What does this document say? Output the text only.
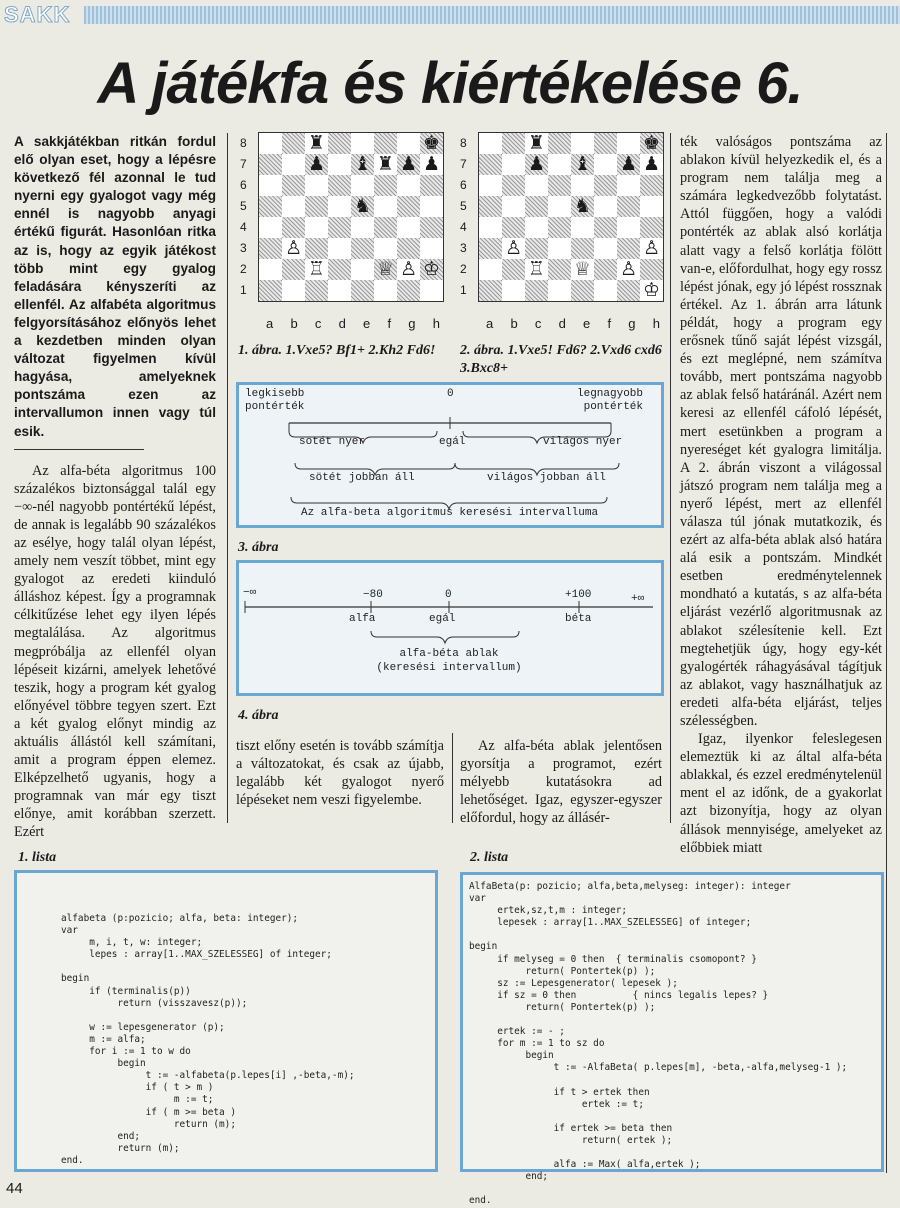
SAKK
A játékfa és kiértékelése 6.
A sakkjátékban ritkán fordul elő olyan eset, hogy a lépésre következő fél azonnal le tud nyerni egy gyalogot vagy még ennél is nagyobb anyagi értékű figurát. Hasonlóan ritka az is, hogy az egyik játékost több mint egy gyalog feladására kényszeríti az ellenfél. Az alfabéta algoritmus felgyorsításához előnyös lehet a kezdetben minden olyan változat figyelmen kívül hagyása, amelyeknek pontszáma ezen az intervallumon innen vagy túl esik.

Az alfa-béta algoritmus 100 százalékos biztonsággal talál egy −∞-nél nagyobb pontértékű lépést, de annak is legalább 90 százalékos az esélye, hogy talál olyan lépést, amely nem veszít többet, mint egy gyalogot az eredeti kiinduló álláshoz képest. Így a programnak célkitűzése lehet egy ilyen lépés megtalálása. Az algoritmus megpróbálja az ellenfél olyan lépéseit kizárni, amelyek lehetővé teszik, hogy a program két gyalog előnyével többre tegyen szert. Ezt a két gyalog előnyt mindig az aktuális állástól kell számítani, amit a program éppen elemez. Elképzelhető ugyanis, hogy a programnak van már egy tiszt előnye, amit korábban szerzett. Ezért

8
7
6
5
4
3
2
1
♜	♚
♟ ♝ ♜ ♟ ♟
♞
♙
♖	♕ ♙ ♔
a b c d e f g h
1. ábra. 1.Vxe5? Bf1+ 2.Kh2 Fd6!
8
7
6
5
4
3
2
1
♜	♚
♟ ♝ ♟ ♟
♞
♙	♙
♖ ♕ ♙
♔
a b c d e f g h
2. ábra. 1.Vxe5! Fd6? 2.Vxd6 cxd6 3.Bxc8+
legkisebb
pontérték
0	legnagyobb
pontérték
sötét nyer	egál	világos nyer
sötét jobban áll	világos jobban áll
Az alfa-beta algoritmus keresési intervalluma
3. ábra
−∞	−80	0	+100	+∞
alfa	egál	béta
alfa-béta ablak
(keresési intervallum)
4. ábra

tiszt előny esetén is tovább számítja a változatokat, és csak az újabb, legalább két gyalogot nyerő lépéseket nem veszi figyelembe.

Az alfa-béta ablak jelentősen gyorsítja a programot, ezért mélyebb kutatásokra ad lehetőséget. Igaz, egyszer-egyszer előfordul, hogy az állásér-

ték valóságos pontszáma az ablakon kívül helyezkedik el, és a program nem találja meg a számára legkedvezőbb folytatást. Attól függően, hogy a valódi pontérték az ablak alsó korlátja alatt vagy a felső korlátja fölött van-e, előfordulhat, hogy egy rossz lépést jónak, egy jó lépést rossznak értékel. Az 1. ábrán arra látunk példát, hogy a program egy erősnek tűnő saját lépést vizsgál, és ezt meglépné, nem számítva tovább, mert pontszáma nagyobb az ablak felső határánál. Azért nem keresi az ellenfél cáfoló lépését, mert esetünkben a program a nyereséget két gyalogra limitálja. A 2. ábrán viszont a világossal játszó program nem találja meg a nyerő lépést, mert az ellenfél válasza túl jónak mutatkozik, és ezért az alfa-béta ablak alsó határa alá esik a pontszám. Mindkét esetben eredménytelennek mondható a kutatás, s az alfa-béta eljárást vezérlő algoritmusnak az ablakot szélesítenie kell. Ezt megtehetjük úgy, hogy egy-két gyalogérték ráhagyásával tágítjuk az ablakot, vagy használhatjuk az eredeti alfa-béta eljárást, teljes szélességben.

Igaz, ilyenkor feleslegesen elemeztük ki az által alfa-béta ablakkal, és ezzel eredménytelenül ment el az időnk, de a gyakorlat azt bizonyítja, hogy az olyan állások mennyisége, amelyeket az előbbiek miatt

1. lista	2. lista
alfabeta (p:pozicio; alfa, beta: integer);
var
m, i, t, w: integer;
lepes : array[1..MAX_SZELESSEG] of integer;

begin
if (terminalis(p))
return (visszavesz(p));

w := lepesgenerator (p);
m := alfa;
for i := 1 to w do
begin
t := -alfabeta(p.lepes[i] ,-beta,-m);
if ( t > m )
m := t;
if ( m >= beta )
return (m);
end;
return (m);
end.
AlfaBeta(p: pozicio; alfa,beta,melyseg: integer): integer
var
ertek,sz,t,m : integer;
lepesek : array[1..MAX_SZELESSEG] of integer;

begin
if melyseg = 0 then  { terminalis csomopont? }
return( Pontertek(p) );
sz := Lepesgenerator( lepesek );
if sz = 0 then          { nincs legalis lepes? }
return( Pontertek(p) );

ertek := - ;
for m := 1 to sz do
begin
t := -AlfaBeta( p.lepes[m], -beta,-alfa,melyseg-1 );

if t > ertek then
ertek := t;

if ertek >= beta then
return( ertek );

alfa := Max( alfa,ertek );
end;

end.
44
